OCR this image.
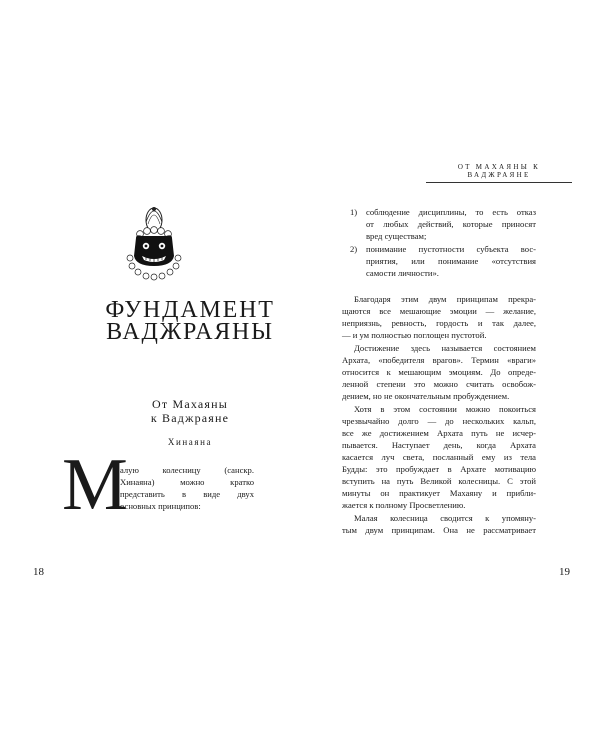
ФУНДАМЕНТ
ВАДЖРАЯНЫ
От Махаяны
к Ваджраяне
Хинаяна
М
алую колесницу (санскр.
Хинаяна) можно кратко
представить в виде двух
основных принципов:
18
ОТ МАХАЯНЫ К ВАДЖРАЯНЕ
1) соблюдение дисциплины, то есть отказ
от любых действий, которые приносят
вред существам;
2) понимание пустотности субъекта вос-
приятия, или понимание «отсутствия
самости личности».
Благодаря этим двум принципам прекра-
щаются все мешающие эмоции — желание,
неприязнь, ревность, гордость и так далее,
— и ум полностью поглощен пустотой.
Достижение здесь называется состоянием
Архата, «победителя врагов». Термин «враги»
относится к мешающим эмоциям. До опреде-
ленной степени это можно считать освобож-
дением, но не окончательным пробуждением.
Хотя в этом состоянии можно покоиться
чрезвычайно долго — до нескольких кальп,
все же достижением Архата путь не исчер-
пывается. Наступает день, когда Архата
касается луч света, посланный ему из тела
Будды: это пробуждает в Архате мотивацию
вступить на путь Великой колесницы. С этой
минуты он практикует Махаяну и прибли-
жается к полному Просветлению.
Малая колесница сводится к упомяну-
тым двум принципам. Она не рассматривает
19
